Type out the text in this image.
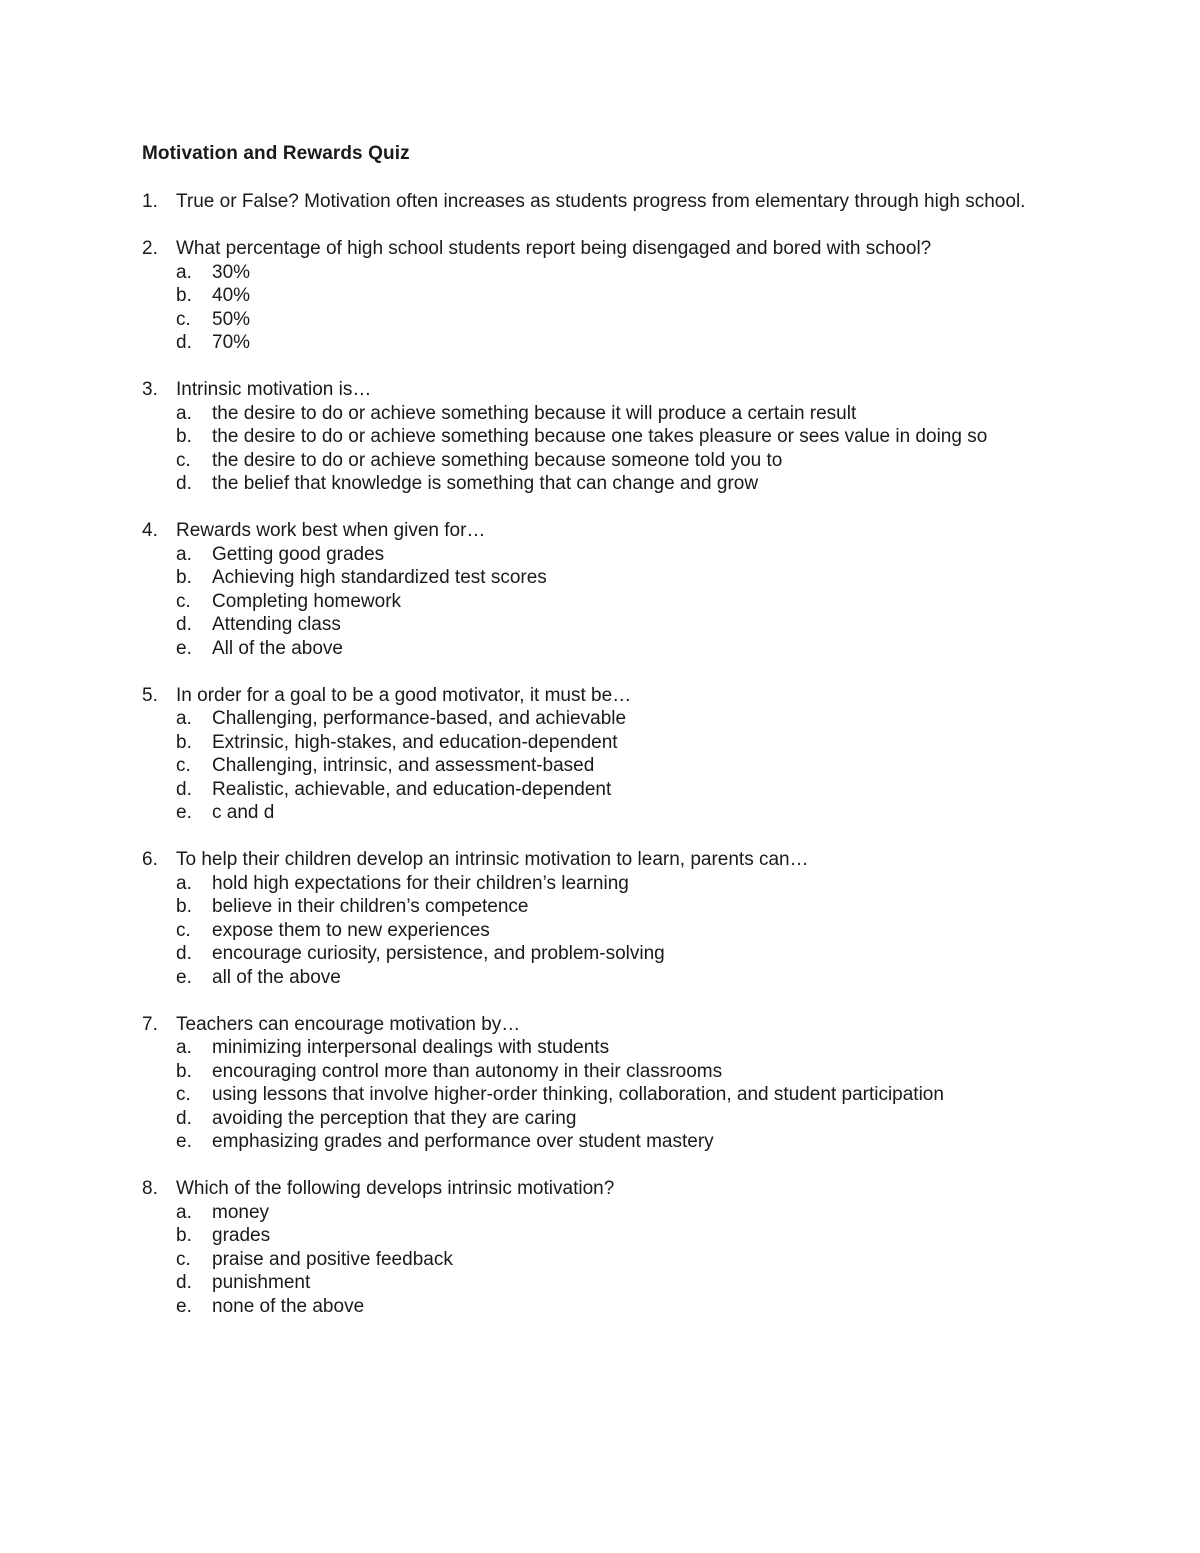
Motivation and Rewards Quiz
1. True or False? Motivation often increases as students progress from elementary through high school.
2. What percentage of high school students report being disengaged and bored with school?
a.	30%
b.	40%
c.	50%
d.	70%
3. Intrinsic motivation is…
a.	the desire to do or achieve something because it will produce a certain result
b.	the desire to do or achieve something because one takes pleasure or sees value in doing so
c.	the desire to do or achieve something because someone told you to
d.	the belief that knowledge is something that can change and grow
4. Rewards work best when given for…
a.	Getting good grades
b.	Achieving high standardized test scores
c.	Completing homework
d.	Attending class
e.	All of the above
5. In order for a goal to be a good motivator, it must be…
a.	Challenging, performance-based, and achievable
b.	Extrinsic, high-stakes, and education-dependent
c.	Challenging, intrinsic, and assessment-based
d.	Realistic, achievable, and education-dependent
e.	c and d
6. To help their children develop an intrinsic motivation to learn, parents can…
a.	hold high expectations for their children’s learning
b.	believe in their children’s competence
c.	expose them to new experiences
d.	encourage curiosity, persistence, and problem-solving
e.	all of the above
7. Teachers can encourage motivation by…
a.	minimizing interpersonal dealings with students
b.	encouraging control more than autonomy in their classrooms
c.	using lessons that involve higher-order thinking, collaboration, and student participation
d.	avoiding the perception that they are caring
e.	emphasizing grades and performance over student mastery
8. Which of the following develops intrinsic motivation?
a.	money
b.	grades
c.	praise and positive feedback
d.	punishment
e.	none of the above
